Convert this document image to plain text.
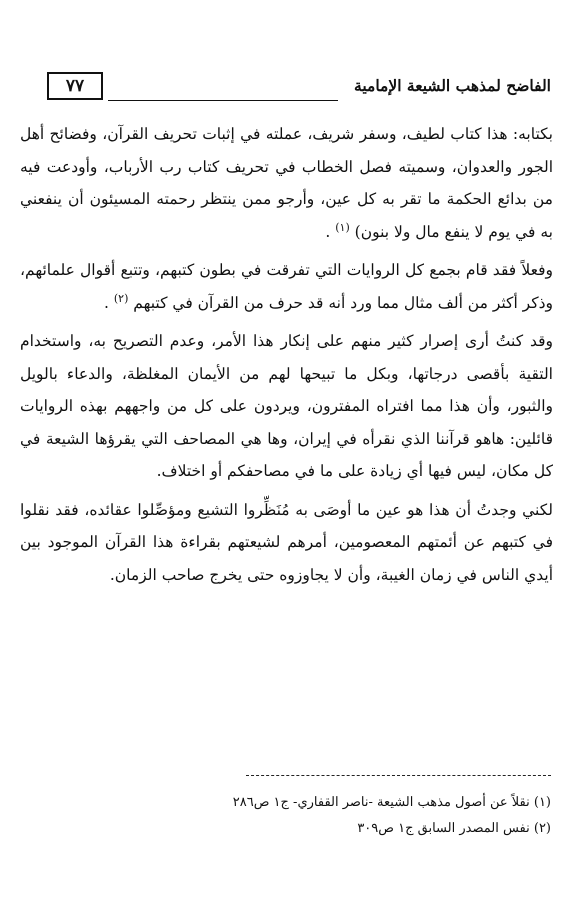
٧٧	الفاضح لمذهب الشيعة الإمامية

بكتابه: هذا كتاب لطيف، وسفر شريف، عملته في إثبات تحريف القرآن، وفضائح أهل الجور والعدوان، وسميته فصل الخطاب في تحريف كتاب رب الأرباب، وأودعت فيه من بدائع الحكمة ما تقر به كل عين، وأرجو ممن ينتظر رحمته المسيئون أن ينفعني به في يوم لا ينفع مال ولا بنون) $^{(١)}$ .

وفعلاً فقد قام بجمع كل الروايات التي تفرقت في بطون كتبهم، وتتبع أقوال علمائهم، وذكر أكثر من ألف مثال مما ورد أنه قد حرف من القرآن في كتبهم $^{(٢)}$ .

وقد كنتُ أرى إصرار كثير منهم على إنكار هذا الأمر، وعدم التصريح به، واستخدام التقية بأقصى درجاتها، وبكل ما تبيحها لهم من الأيمان المغلظة، والدعاء بالويل والثبور، وأن هذا مما افتراه المفترون، ويردون على كل من واجههم بهذه الروايات قائلين: هاهو قرآننا الذي نقرأه في إيران، وها هي المصاحف التي يقرؤها الشيعة في كل مكان، ليس فيها أي زيادة على ما في مصاحفكم أو اختلاف.

لكني وجدتُ أن هذا هو عين ما أوصَى به مُنَظِّروا التشيع ومؤصِّلوا عقائده، فقد نقلوا في كتبهم عن أئمتهم المعصومين، أمرهم لشيعتهم بقراءة هذا القرآن الموجود بين أيدي الناس في زمان الغيبة، وأن لا يجاوزوه حتى يخرج صاحب الزمان.

(١) نقلاً عن أصول مذهب الشيعة -ناصر القفاري- ج١ ص٢٨٦

(٢) نفس المصدر السابق ج١ ص٣٠٩
